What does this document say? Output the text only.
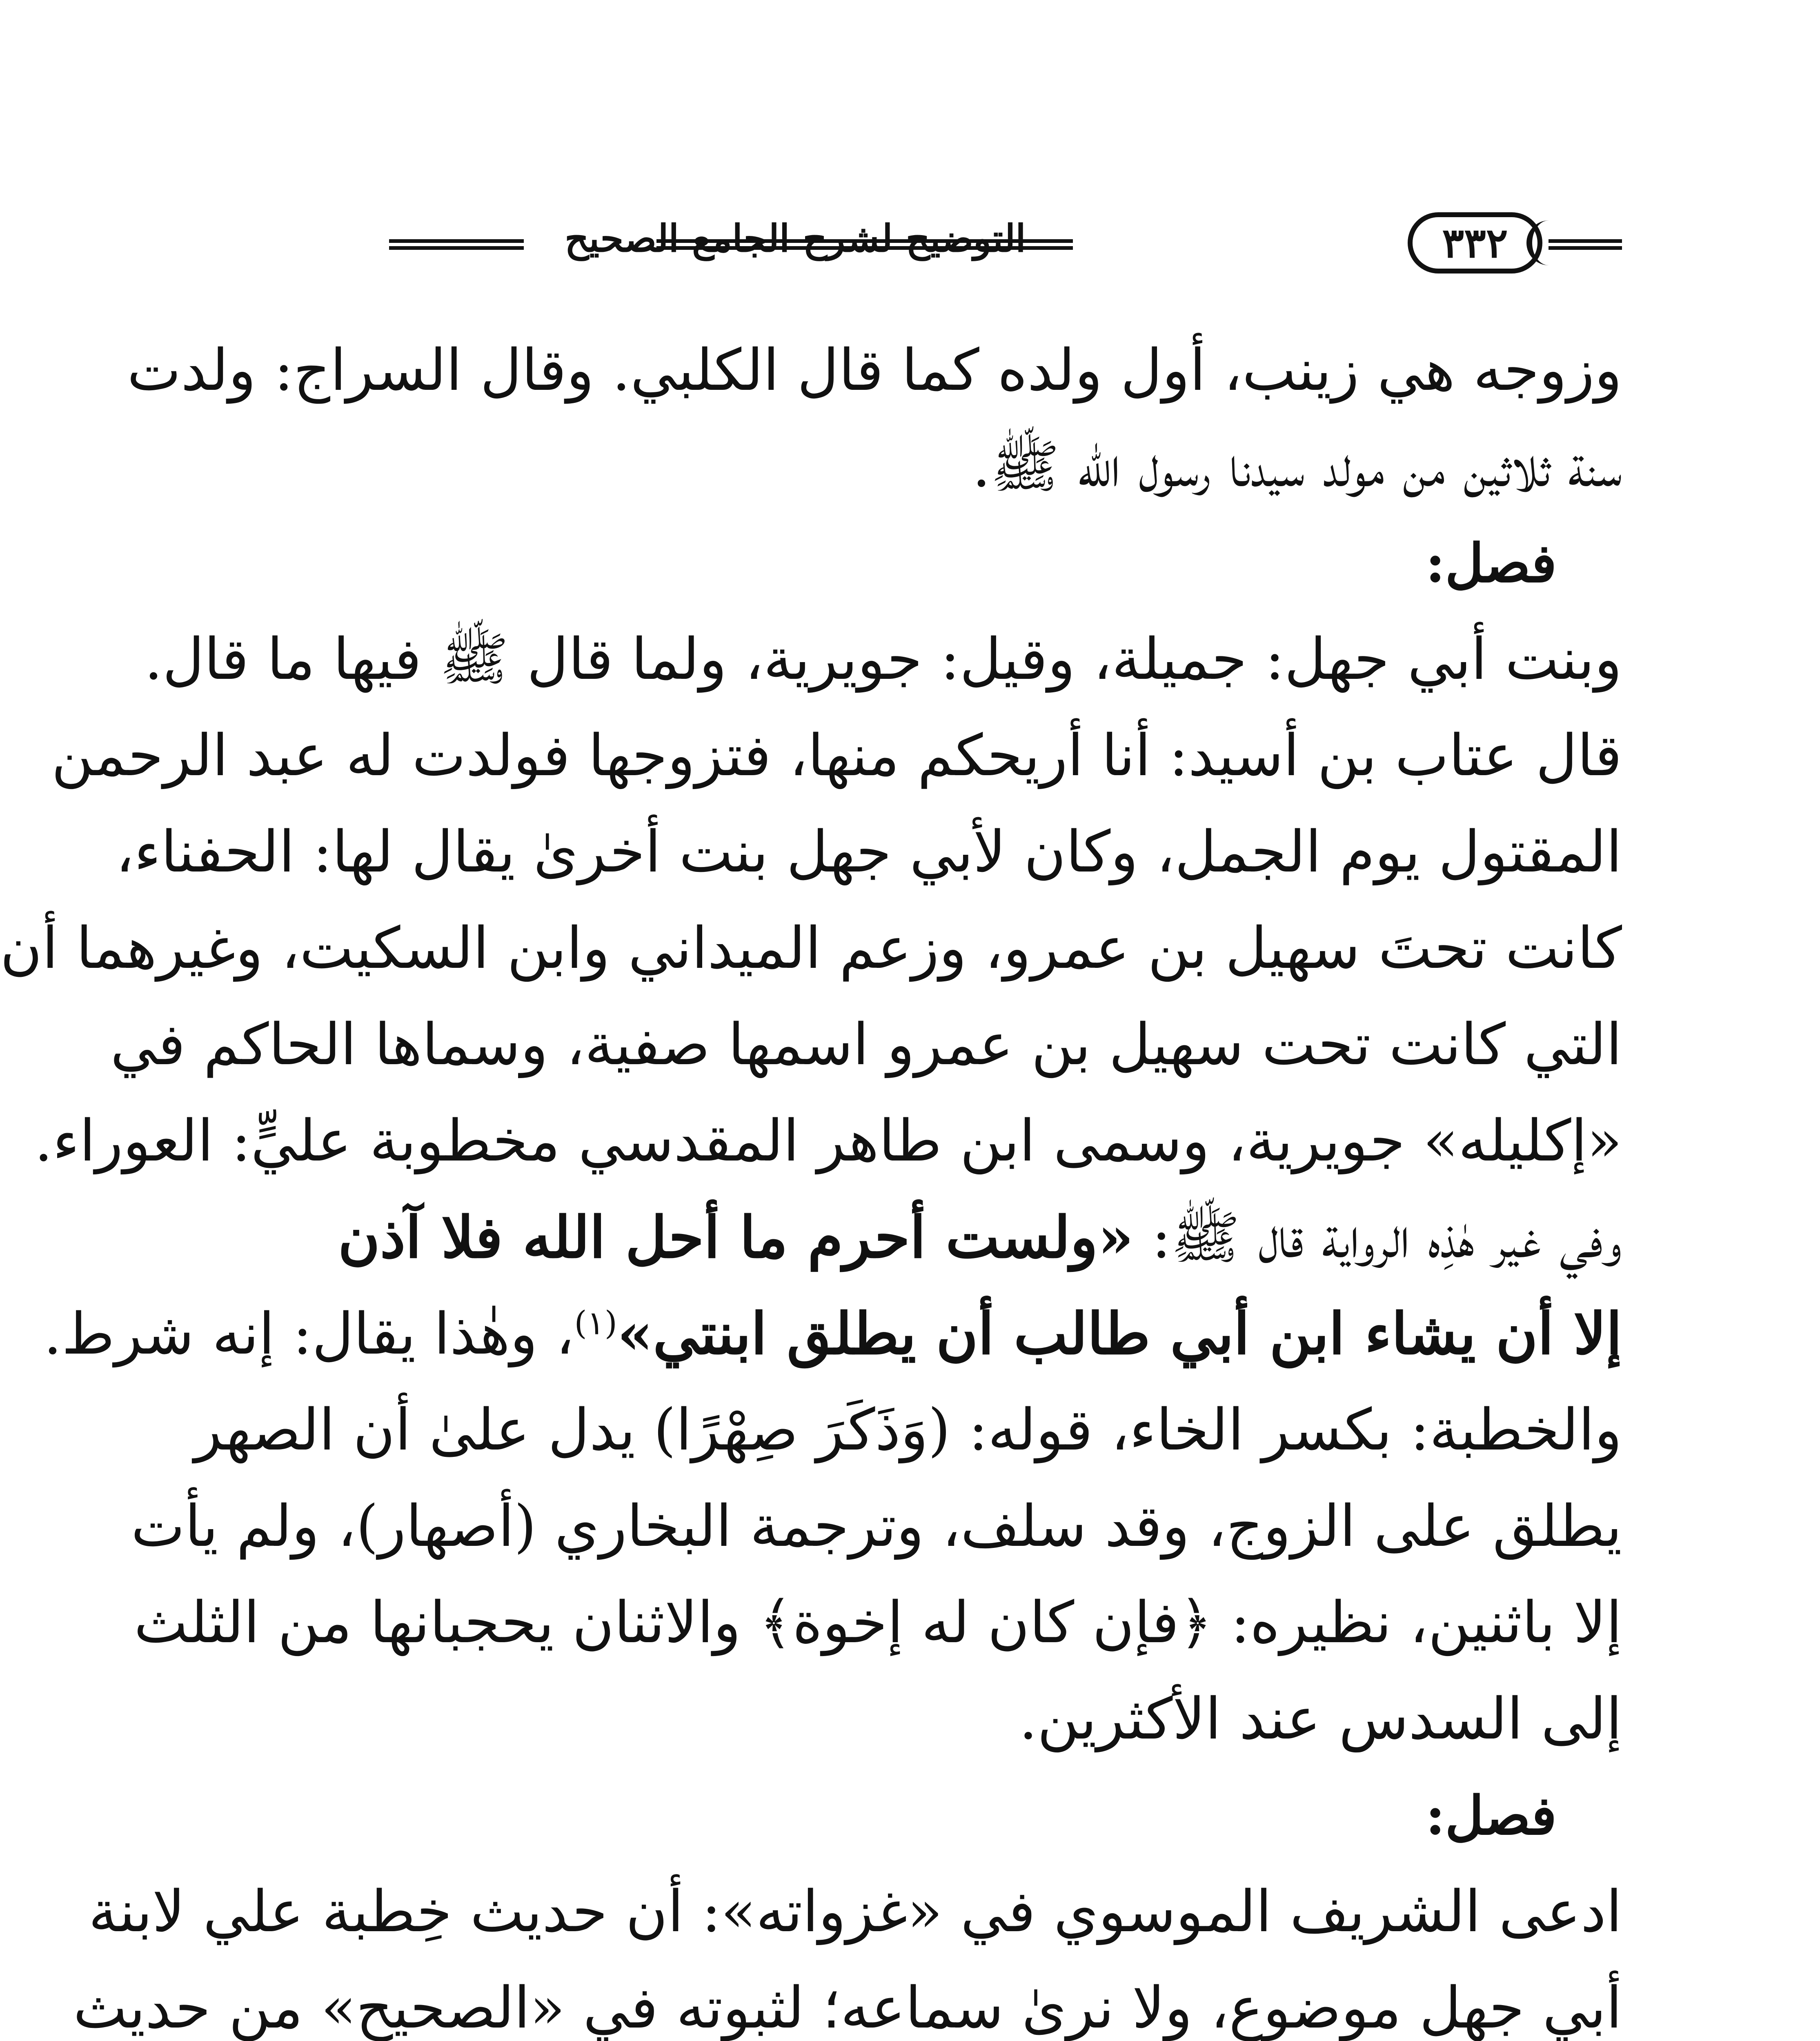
٣٣٢
التوضيح لشرح الجامع الصحيح
وزوجه هي زينب، أول ولده كما قال الكلبي. وقال السراج: ولدت
سنة ثلاثين من مولد سيدنا رسول الله ﷺ.
فصل:
وبنت أبي جهل: جميلة، وقيل: جويرية، ولما قال ﷺ فيها ما قال.
قال عتاب بن أسيد: أنا أريحكم منها، فتزوجها فولدت له عبد الرحمن
المقتول يوم الجمل، وكان لأبي جهل بنت أخرىٰ يقال لها: الحفناء،
كانت تحتَ سهيل بن عمرو، وزعم الميداني وابن السكيت، وغيرهما أن
التي كانت تحت سهيل بن عمرو اسمها صفية، وسماها الحاكم في
«إكليله» جويرية، وسمى ابن طاهر المقدسي مخطوبة عليٍّ: العوراء.
وفي غير هٰذِه الرواية قال ﷺ: «ولست أحرم ما أحل الله فلا آذن
إلا أن يشاء ابن أبي طالب أن يطلق ابنتي»$^{(١)}$، وهٰذا يقال: إنه شرط.
والخطبة: بكسر الخاء، قوله: (وَذَكَرَ صِهْرًا) يدل علىٰ أن الصهر
يطلق على الزوج، وقد سلف، وترجمة البخاري (أصهار)، ولم يأت
إلا باثنين، نظيره: ﴿فإن كان له إخوة﴾ والاثنان يحجبانها من الثلث
إلى السدس عند الأكثرين.
فصل:
ادعى الشريف الموسوي في «غزواته»: أن حديث خِطبة علي لابنة
أبي جهل موضوع، ولا نرىٰ سماعه؛ لثبوته في «الصحيح» من حديث
